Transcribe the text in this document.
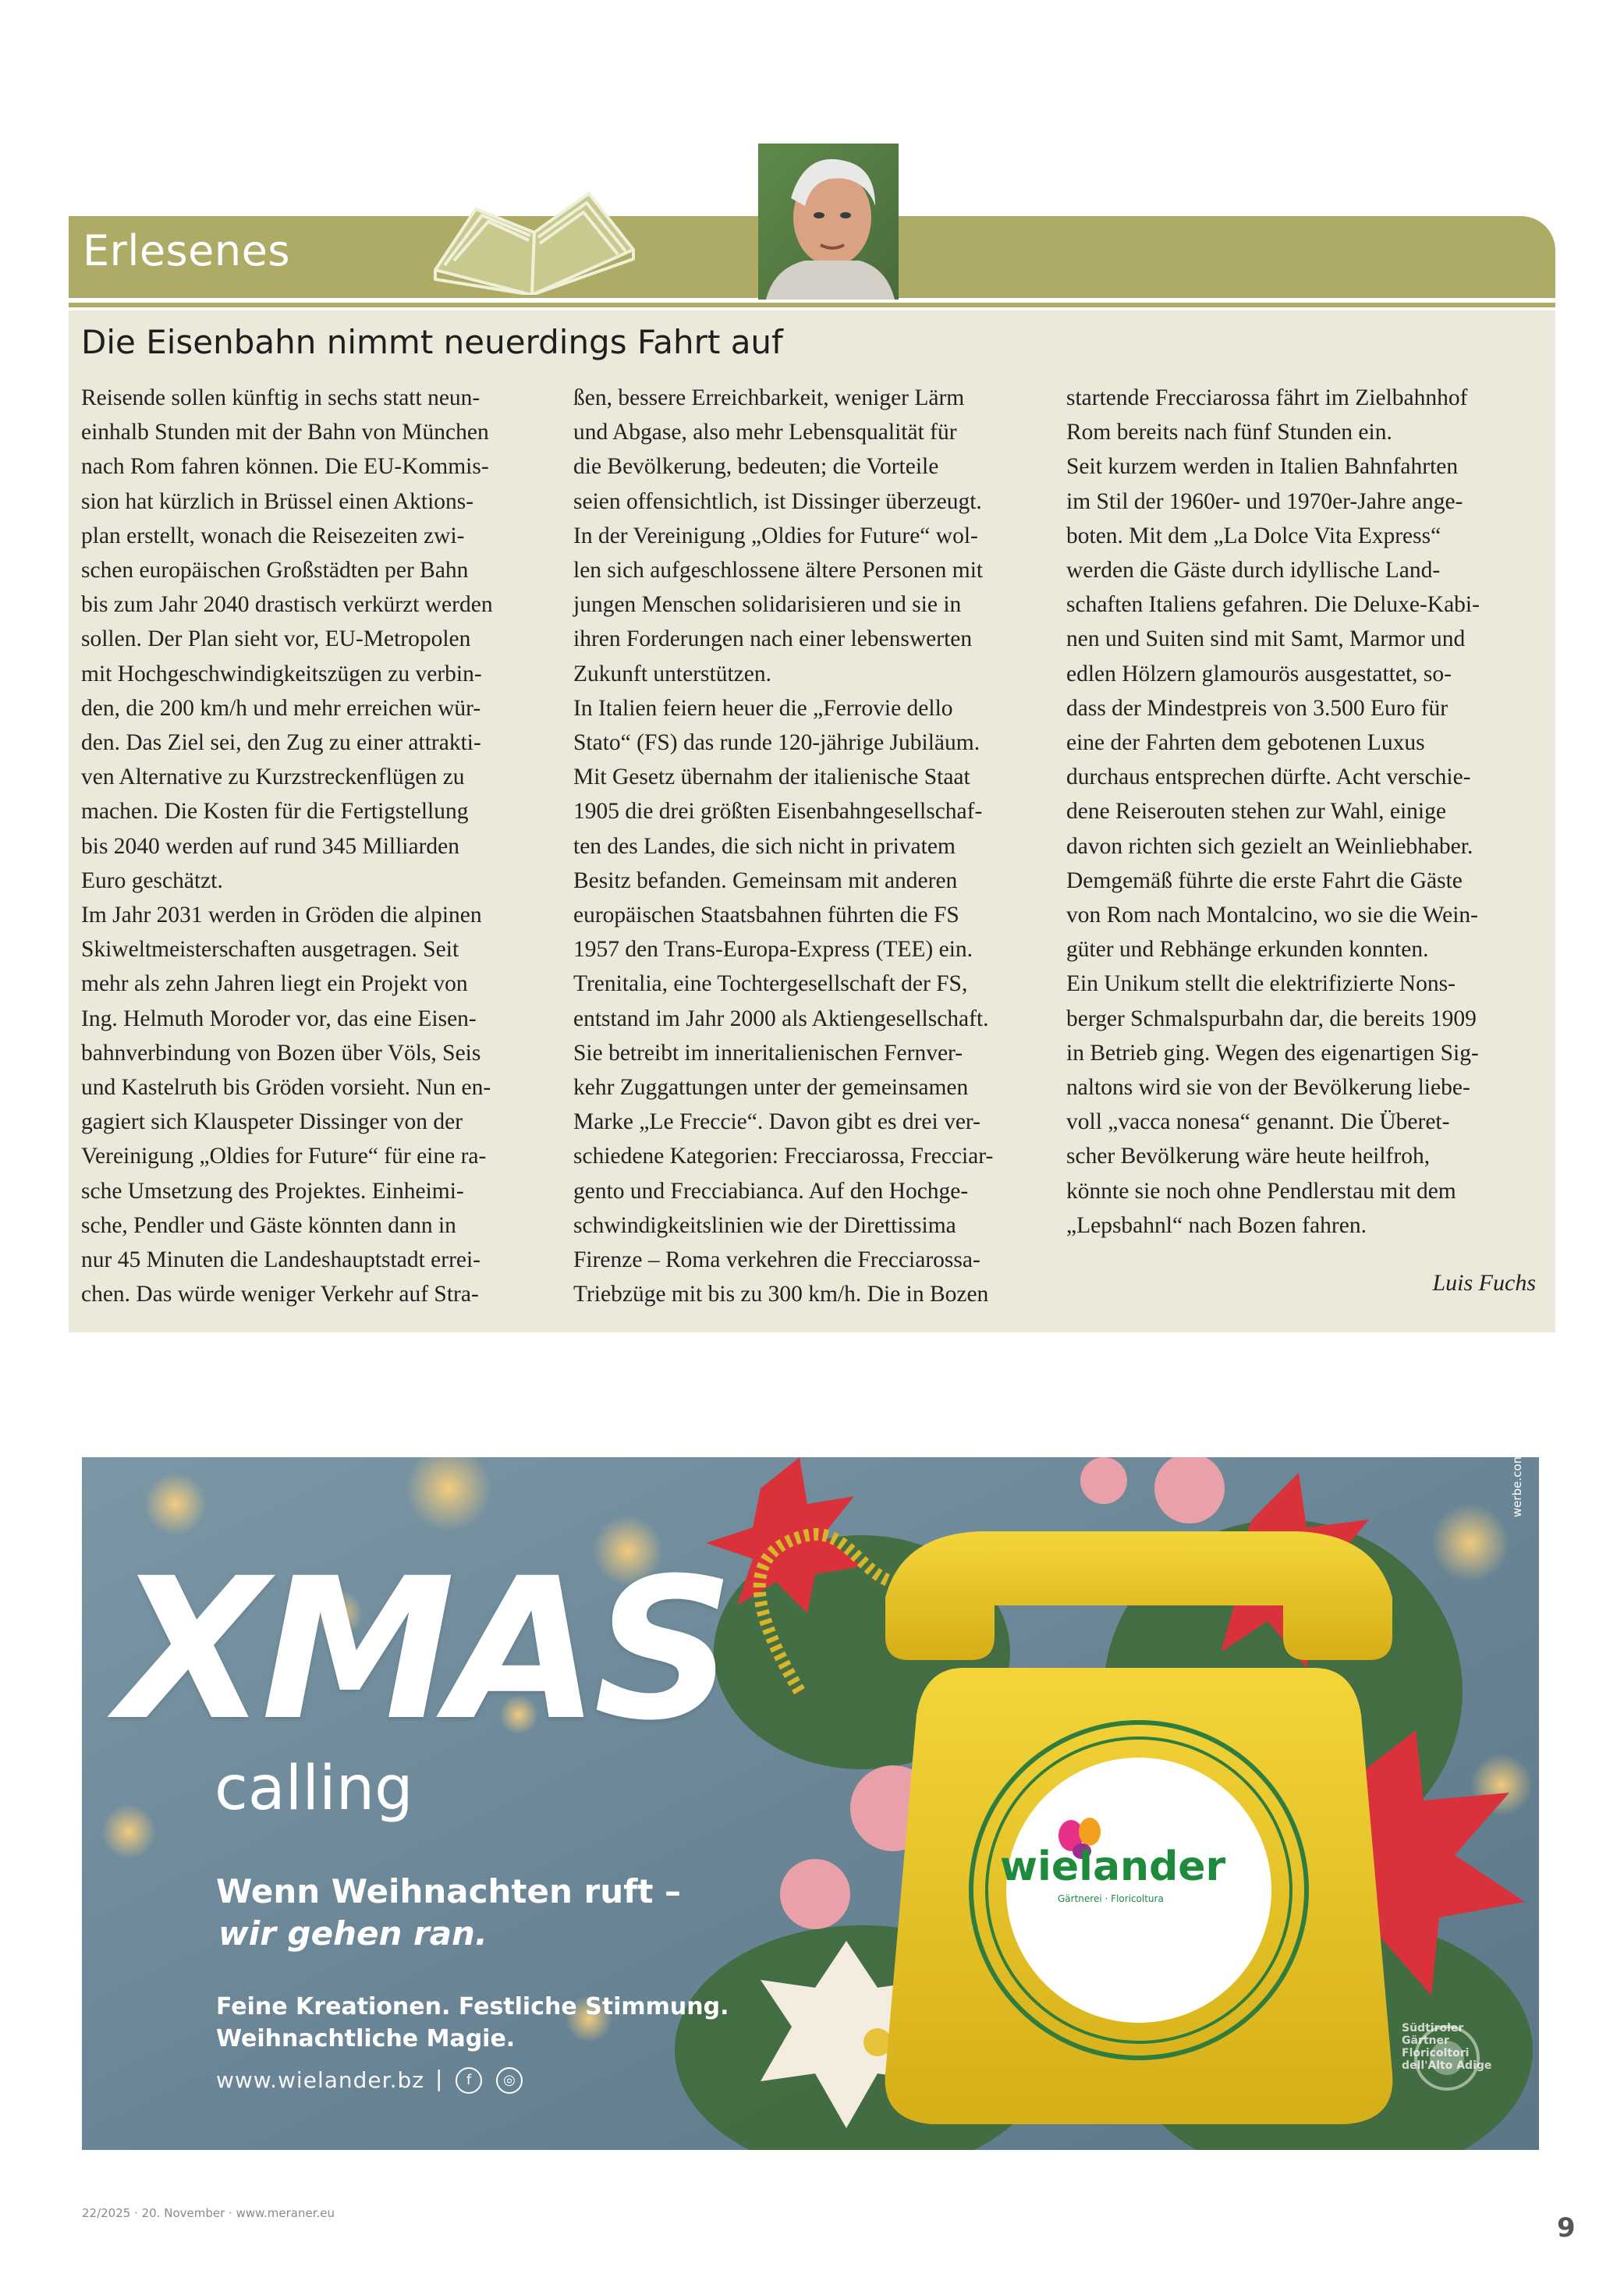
Erlesenes
Die Eisenbahn nimmt neuerdings Fahrt auf
Reisende sollen künftig in sechs statt neun-
einhalb Stunden mit der Bahn von München
nach Rom fahren können. Die EU-Kommis-
sion hat kürzlich in Brüssel einen Aktions-
plan erstellt, wonach die Reisezeiten zwi-
schen europäischen Großstädten per Bahn
bis zum Jahr 2040 drastisch verkürzt werden
sollen. Der Plan sieht vor, EU-Metropolen
mit Hochgeschwindigkeitszügen zu verbin-
den, die 200 km/h und mehr erreichen wür-
den. Das Ziel sei, den Zug zu einer attrakti-
ven Alternative zu Kurzstreckenflügen zu
machen. Die Kosten für die Fertigstellung
bis 2040 werden auf rund 345 Milliarden
Euro geschätzt.
Im Jahr 2031 werden in Gröden die alpinen
Skiweltmeisterschaften ausgetragen. Seit
mehr als zehn Jahren liegt ein Projekt von
Ing. Helmuth Moroder vor, das eine Eisen-
bahnverbindung von Bozen über Völs, Seis
und Kastelruth bis Gröden vorsieht. Nun en-
gagiert sich Klauspeter Dissinger von der
Vereinigung „Oldies for Future“ für eine ra-
sche Umsetzung des Projektes. Einheimi-
sche, Pendler und Gäste könnten dann in
nur 45 Minuten die Landeshauptstadt errei-
chen. Das würde weniger Verkehr auf Stra-
ßen, bessere Erreichbarkeit, weniger Lärm
und Abgase, also mehr Lebensqualität für
die Bevölkerung, bedeuten; die Vorteile
seien offensichtlich, ist Dissinger überzeugt.
In der Vereinigung „Oldies for Future“ wol-
len sich aufgeschlossene ältere Personen mit
jungen Menschen solidarisieren und sie in
ihren Forderungen nach einer lebenswerten
Zukunft unterstützen.
In Italien feiern heuer die „Ferrovie dello
Stato“ (FS) das runde 120-jährige Jubiläum.
Mit Gesetz übernahm der italienische Staat
1905 die drei größten Eisenbahngesellschaf-
ten des Landes, die sich nicht in privatem
Besitz befanden. Gemeinsam mit anderen
europäischen Staatsbahnen führten die FS
1957 den Trans-Europa-Express (TEE) ein.
Trenitalia, eine Tochtergesellschaft der FS,
entstand im Jahr 2000 als Aktiengesellschaft.
Sie betreibt im inneritalienischen Fernver-
kehr Zuggattungen unter der gemeinsamen
Marke „Le Freccie“. Davon gibt es drei ver-
schiedene Kategorien: Frecciarossa, Frecciar-
gento und Frecciabianca. Auf den Hochge-
schwindigkeitslinien wie der Direttissima
Firenze – Roma verkehren die Frecciarossa-
Triebzüge mit bis zu 300 km/h. Die in Bozen
startende Frecciarossa fährt im Zielbahnhof
Rom bereits nach fünf Stunden ein.
Seit kurzem werden in Italien Bahnfahrten
im Stil der 1960er- und 1970er-Jahre ange-
boten. Mit dem „La Dolce Vita Express“
werden die Gäste durch idyllische Land-
schaften Italiens gefahren. Die Deluxe-Kabi-
nen und Suiten sind mit Samt, Marmor und
edlen Hölzern glamourös ausgestattet, so-
dass der Mindestpreis von 3.500 Euro für
eine der Fahrten dem gebotenen Luxus
durchaus entsprechen dürfte. Acht verschie-
dene Reiserouten stehen zur Wahl, einige
davon richten sich gezielt an Weinliebhaber.
Demgemäß führte die erste Fahrt die Gäste
von Rom nach Montalcino, wo sie die Wein-
güter und Rebhänge erkunden konnten.
Ein Unikum stellt die elektrifizierte Nons-
berger Schmalspurbahn dar, die bereits 1909
in Betrieb ging. Wegen des eigenartigen Sig-
naltons wird sie von der Bevölkerung liebe-
voll „vacca nonesa“ genannt. Die Überet-
scher Bevölkerung wäre heute heilfroh,
könnte sie noch ohne Pendlerstau mit dem
„Lepsbahnl“ nach Bozen fahren.
Luis Fuchs
XMAS
calling
Wenn Weihnachten ruft –
wir gehen ran.
Feine Kreationen. Festliche Stimmung.
Weihnachtliche Magie.
www.wielander.bz |	f	◎
werbe.company
wielander
Gärtnerei · Floricoltura
Südtiroler
Gärtner
Floricoltori
dell'Alto Adige
22/2025 · 20. November · www.meraner.eu	9
